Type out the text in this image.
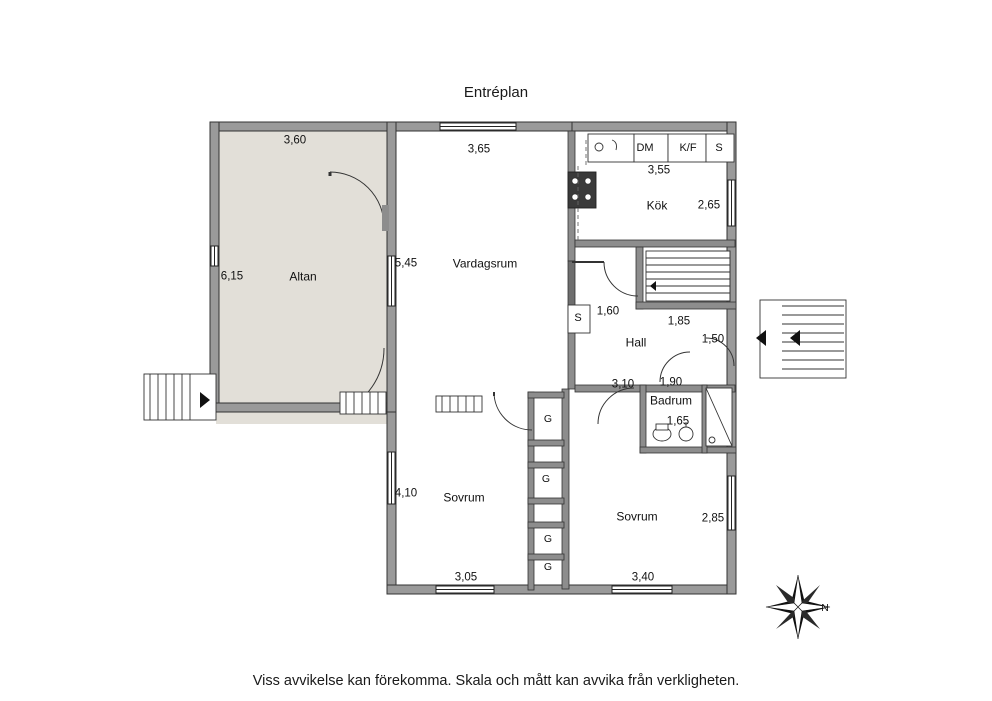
Entréplan
Viss avvikelse kan förekomma. Skala och mått kan avvika från verkligheten.
Altan
Vardagsrum
Kök
Hall
Badrum
Sovrum
Sovrum
3,60
6,15
3,65
5,45
3,55
2,65
1,60
1,85
1,50
3,10 1,90
1,65
4,10
3,05
2,85
3,40
DM K/F S
S
G
G
G
G
N
